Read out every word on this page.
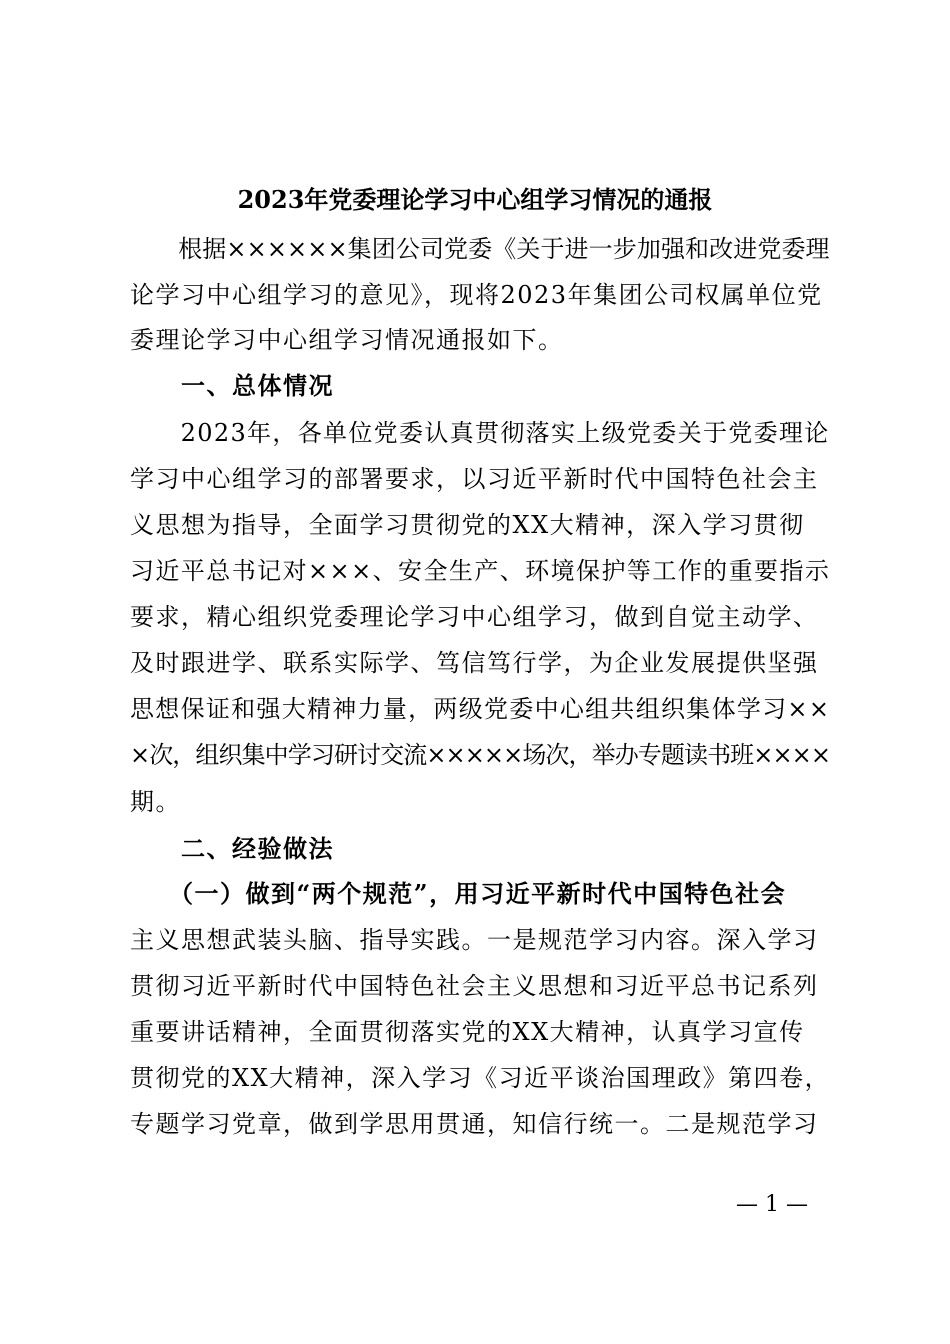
2023年党委理论学习中心组学习情况的通报
　　根据××××××集团公司党委《关于进一步加强和改进党委理
论学习中心组学习的意见》，现将2023年集团公司权属单位党
委理论学习中心组学习情况通报如下。
　　一、总体情况
　　2023年，各单位党委认真贯彻落实上级党委关于党委理论
学习中心组学习的部署要求，以习近平新时代中国特色社会主
义思想为指导，全面学习贯彻党的XX大精神，深入学习贯彻
习近平总书记对×××、安全生产、环境保护等工作的重要指示
要求，精心组织党委理论学习中心组学习，做到自觉主动学、
及时跟进学、联系实际学、笃信笃行学，为企业发展提供坚强
思想保证和强大精神力量，两级党委中心组共组织集体学习××
×次，组织集中学习研讨交流×××××场次，举办专题读书班××××
期。
　　二、经验做法
　　（一）做到“两个规范”，用习近平新时代中国特色社会
主义思想武装头脑、指导实践。一是规范学习内容。深入学习
贯彻习近平新时代中国特色社会主义思想和习近平总书记系列
重要讲话精神，全面贯彻落实党的XX大精神，认真学习宣传
贯彻党的XX大精神，深入学习《习近平谈治国理政》第四卷，
专题学习党章，做到学思用贯通，知信行统一。二是规范学习
— 1 —
